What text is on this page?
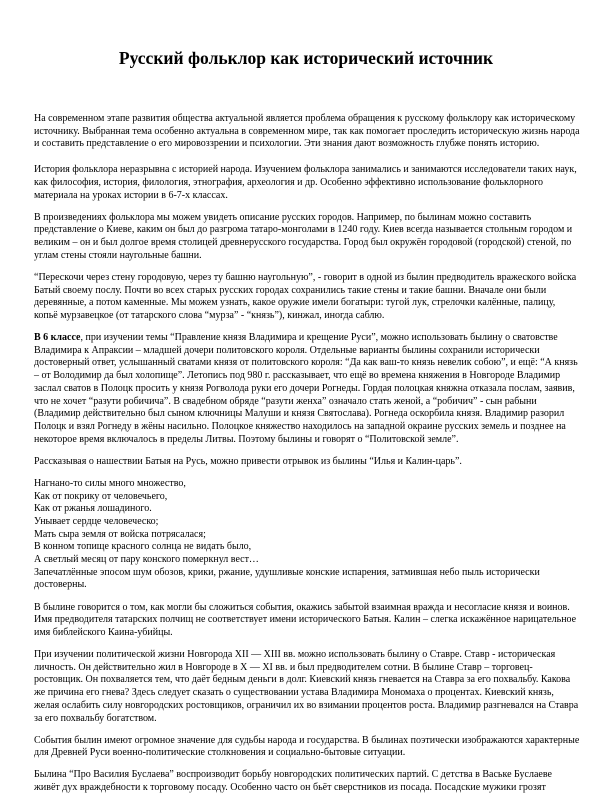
Русский фольклор как исторический источник

На современном этапе развития общества актуальной является проблема обращения к русскому фольклору как историческому источнику. Выбранная тема особенно актуальна в современном мире, так как помогает проследить историческую жизнь народа и составить представление о его мировоззрении и психологии. Эти знания дают возможность глубже понять историю.

История фольклора неразрывна с историей народа. Изучением фольклора занимались и занимаются исследователи таких наук, как философия, история, филология, этнография, археология и др. Особенно эффективно использование фольклорного материала на уроках истории в 6-7-х классах.

В произведениях фольклора мы можем увидеть описание русских городов. Например, по былинам можно составить представление о Киеве, каким он был до разгрома татаро-монголами в 1240 году. Киев всегда называется стольным городом и великим – он и был долгое время столицей древнерусского государства. Город был окружён городовой (городской) стеной, по углам стены стояли наугольные башни.

“Перескочи через стену городовую, через ту башню наугольную”, - говорит в одной из былин предводитель вражеского войска Батый своему послу. Почти во всех старых русских городах сохранились такие стены и такие башни. Вначале они были деревянные, а потом каменные. Мы можем узнать, какое оружие имели богатыри: тугой лук, стрелочки калённые, палицу, копьё мурзавецкое (от татарского слова “мурза” - “князь”), кинжал, иногда саблю.

В 6 классе, при изучении темы “Правление князя Владимира и крещение Руси”, можно использовать былину о сватовстве Владимира к Апраксии – младшей дочери политовского короля. Отдельные варианты былины сохранили исторически достоверный ответ, услышанный сватами князя от политовского короля: “Да как ваш-то князь невелик собою”, и ещё: “А князь – от Володимир да был холопище”. Летопись под 980 г. рассказывает, что ещё во времена княжения в Новгороде Владимир заслал сватов в Полоцк просить у князя Рогволода руки его дочери Рогнеды. Гордая полоцкая княжна отказала послам, заявив, что не хочет “разути робичича”. В свадебном обряде “разути женха” означало стать женой, а “робичич” - сын рабыни (Владимир действительно был сыном ключницы Малуши и князя Святослава). Рогнеда оскорбила князя. Владимир разорил Полоцк и взял Рогнеду в жёны насильно. Полоцкое княжество находилось на западной окраине русских земель и позднее на некоторое время включалось в пределы Литвы. Поэтому былины и говорят о “Политовской земле”.

Рассказывая о нашествии Батыя на Русь, можно привести отрывок из былины “Илья и Калин-царь”.

Нагнано-то силы много множество,
Как от покрику от человечьего,
Как от ржанья лошадиного.
Унывает сердце человеческо;
Мать сыра земля от войска потрясалася;
В конном топище красного солнца не видать было,
А светлый месяц от пару конского померкнул вест…
Запечатлённые эпосом шум обозов, крики, ржание, удушливые конские испарения, затмившая небо пыль исторически достоверны.

В былине говорится о том, как могли бы сложиться события, окажись забытой взаимная вражда и несогласие князя и воинов. Имя предводителя татарских полчищ не соответствует имени исторического Батыя. Калин – слегка искажённое нарицательное имя библейского Каина-убийцы.

При изучении политической жизни Новгорода XII — XIII вв. можно использовать былину о Ставре. Ставр - историческая личность. Он действительно жил в Новгороде в X — XI вв. и был предводителем сотни. В былине Ставр – торговец-ростовщик. Он похваляется тем, что даёт бедным деньги в долг. Киевский князь гневается на Ставра за его похвальбу. Какова же причина его гнева? Здесь следует сказать о существовании устава Владимира Мономаха о процентах. Киевский князь, желая ослабить силу новгородских ростовщиков, ограничил их во взимании процентов роста. Владимир разгневался на Ставра за его похвальбу богатством.

События былин имеют огромное значение для судьбы народа и государства. В былинах поэтически изображаются характерные для Древней Руси военно-политические столкновения и социально-бытовые ситуации.

Былина “Про Василия Буслаева” воспроизводит борьбу новгородских политических партий. С детства в Ваське Буслаеве живёт дух враждебности к торговому посаду. Особенно часто он бьёт сверстников из посада. Посадские мужики грозят
